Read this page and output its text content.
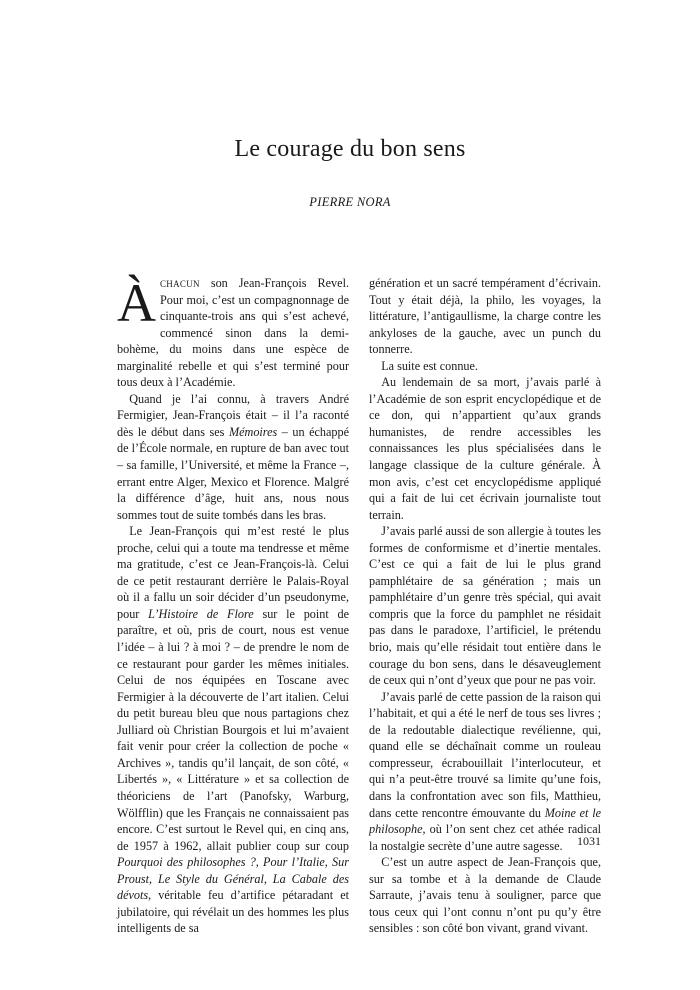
Le courage du bon sens
PIERRE NORA

Àchacun son Jean-François Revel. Pour moi, c’est un compagnonnage de cinquante-trois ans qui s’est achevé, commencé sinon dans la demi-bohème, du moins dans une espèce de marginalité rebelle et qui s’est terminé pour tous deux à l’Académie.

Quand je l’ai connu, à travers André Fermigier, Jean-François était – il l’a raconté dès le début dans ses Mémoires – un échappé de l’École normale, en rupture de ban avec tout – sa famille, l’Université, et même la France –, errant entre Alger, Mexico et Florence. Malgré la différence d’âge, huit ans, nous nous sommes tout de suite tombés dans les bras.

Le Jean-François qui m’est resté le plus proche, celui qui a toute ma tendresse et même ma gratitude, c’est ce Jean-François-là. Celui de ce petit restaurant derrière le Palais-Royal où il a fallu un soir décider d’un pseudonyme, pour L’Histoire de Flore sur le point de paraître, et où, pris de court, nous est venue l’idée – à lui ? à moi ? – de prendre le nom de ce restaurant pour garder les mêmes initiales. Celui de nos équipées en Toscane avec Fermigier à la découverte de l’art italien. Celui du petit bureau bleu que nous partagions chez Julliard où Christian Bourgois et lui m’avaient fait venir pour créer la collection de poche « Archives », tandis qu’il lançait, de son côté, « Libertés », « Littérature » et sa collection de théoriciens de l’art (Panofsky, Warburg, Wölfflin) que les Français ne connaissaient pas encore. C’est surtout le Revel qui, en cinq ans, de 1957 à 1962, allait publier coup sur coup Pourquoi des philosophes ?, Pour l’Italie, Sur Proust, Le Style du Général, La Cabale des dévots, véritable feu d’artifice pétaradant et jubilatoire, qui révélait un des hommes les plus intelligents de sa

génération et un sacré tempérament d’écrivain. Tout y était déjà, la philo, les voyages, la littérature, l’antigaullisme, la charge contre les ankyloses de la gauche, avec un punch du tonnerre.

La suite est connue.

Au lendemain de sa mort, j’avais parlé à l’Académie de son esprit encyclopédique et de ce don, qui n’appartient qu’aux grands humanistes, de rendre accessibles les connaissances les plus spécialisées dans le langage classique de la culture générale. À mon avis, c’est cet encyclopédisme appliqué qui a fait de lui cet écrivain journaliste tout terrain.

J’avais parlé aussi de son allergie à toutes les formes de conformisme et d’inertie mentales. C’est ce qui a fait de lui le plus grand pamphlétaire de sa génération ; mais un pamphlétaire d’un genre très spécial, qui avait compris que la force du pamphlet ne résidait pas dans le paradoxe, l’artificiel, le prétendu brio, mais qu’elle résidait tout entière dans le courage du bon sens, dans le désaveuglement de ceux qui n’ont d’yeux que pour ne pas voir.

J’avais parlé de cette passion de la raison qui l’habitait, et qui a été le nerf de tous ses livres ; de la redoutable dialectique revélienne, qui, quand elle se déchaînait comme un rouleau compresseur, écrabouillait l’interlocuteur, et qui n’a peut-être trouvé sa limite qu’une fois, dans la confrontation avec son fils, Matthieu, dans cette rencontre émouvante du Moine et le philosophe, où l’on sent chez cet athée radical la nostalgie secrète d’une autre sagesse.

C’est un autre aspect de Jean-François que, sur sa tombe et à la demande de Claude Sarraute, j’avais tenu à souligner, parce que tous ceux qui l’ont connu n’ont pu qu’y être sensibles : son côté bon vivant, grand vivant.

1031
